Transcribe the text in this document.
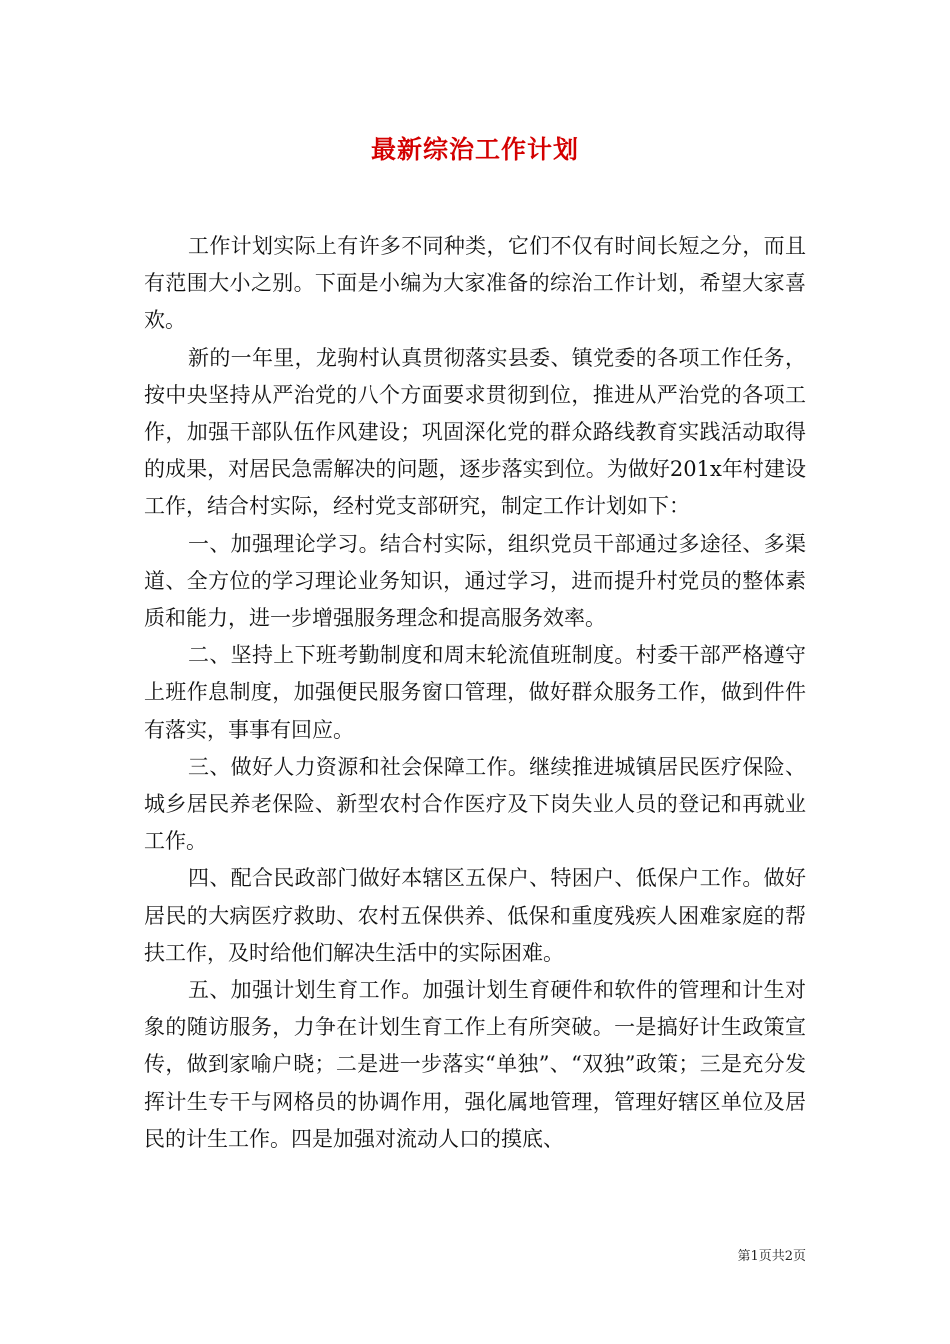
最新综治工作计划

工作计划实际上有许多不同种类，它们不仅有时间长短之分，而且有范围大小之别。下面是小编为大家准备的综治工作计划，希望大家喜欢。

新的一年里，龙驹村认真贯彻落实县委、镇党委的各项工作任务，按中央坚持从严治党的八个方面要求贯彻到位，推进从严治党的各项工作，加强干部队伍作风建设；巩固深化党的群众路线教育实践活动取得的成果，对居民急需解决的问题，逐步落实到位。为做好201x年村建设工作，结合村实际，经村党支部研究，制定工作计划如下：

一、加强理论学习。结合村实际，组织党员干部通过多途径、多渠道、全方位的学习理论业务知识，通过学习，进而提升村党员的整体素质和能力，进一步增强服务理念和提高服务效率。

二、坚持上下班考勤制度和周末轮流值班制度。村委干部严格遵守上班作息制度，加强便民服务窗口管理，做好群众服务工作，做到件件有落实，事事有回应。

三、做好人力资源和社会保障工作。继续推进城镇居民医疗保险、城乡居民养老保险、新型农村合作医疗及下岗失业人员的登记和再就业工作。

四、配合民政部门做好本辖区五保户、特困户、低保户工作。做好居民的大病医疗救助、农村五保供养、低保和重度残疾人困难家庭的帮扶工作，及时给他们解决生活中的实际困难。

五、加强计划生育工作。加强计划生育硬件和软件的管理和计生对象的随访服务，力争在计划生育工作上有所突破。一是搞好计生政策宣传，做到家喻户晓；二是进一步落实“单独”、“双独”政策；三是充分发挥计生专干与网格员的协调作用，强化属地管理，管理好辖区单位及居民的计生工作。四是加强对流动人口的摸底、

第1页共2页
